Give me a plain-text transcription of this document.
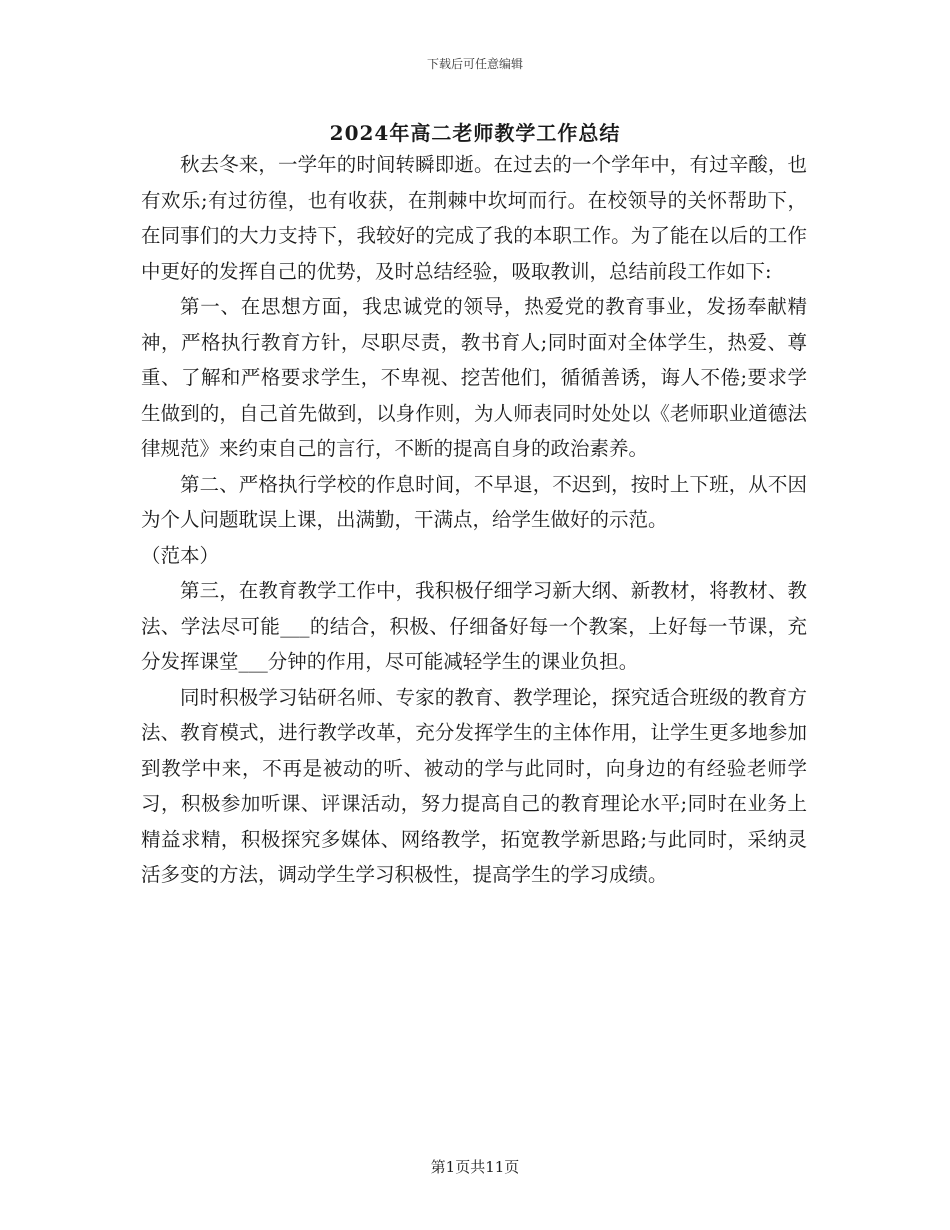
下载后可任意编辑
2024年高二老师教学工作总结

秋去冬来，一学年的时间转瞬即逝。在过去的一个学年中，有过辛酸，也有欢乐;有过彷徨，也有收获，在荆棘中坎坷而行。在校领导的关怀帮助下，在同事们的大力支持下，我较好的完成了我的本职工作。为了能在以后的工作中更好的发挥自己的优势，及时总结经验，吸取教训，总结前段工作如下:

第一、在思想方面，我忠诚党的领导，热爱党的教育事业，发扬奉献精神，严格执行教育方针，尽职尽责，教书育人;同时面对全体学生，热爱、尊重、了解和严格要求学生，不卑视、挖苦他们，循循善诱，诲人不倦;要求学生做到的，自己首先做到，以身作则，为人师表同时处处以《老师职业道德法律规范》来约束自己的言行，不断的提高自身的政治素养。

第二、严格执行学校的作息时间，不早退，不迟到，按时上下班，从不因为个人问题耽误上课，出满勤，干满点，给学生做好的示范。

（范本）

第三，在教育教学工作中，我积极仔细学习新大纲、新教材，将教材、教法、学法尽可能___的结合，积极、仔细备好每一个教案，上好每一节课，充分发挥课堂___分钟的作用，尽可能减轻学生的课业负担。

同时积极学习钻研名师、专家的教育、教学理论，探究适合班级的教育方法、教育模式，进行教学改革，充分发挥学生的主体作用，让学生更多地参加到教学中来，不再是被动的听、被动的学与此同时，向身边的有经验老师学习，积极参加听课、评课活动，努力提高自己的教育理论水平;同时在业务上精益求精，积极探究多媒体、网络教学，拓宽教学新思路;与此同时，采纳灵活多变的方法，调动学生学习积极性，提高学生的学习成绩。

第1页共11页
